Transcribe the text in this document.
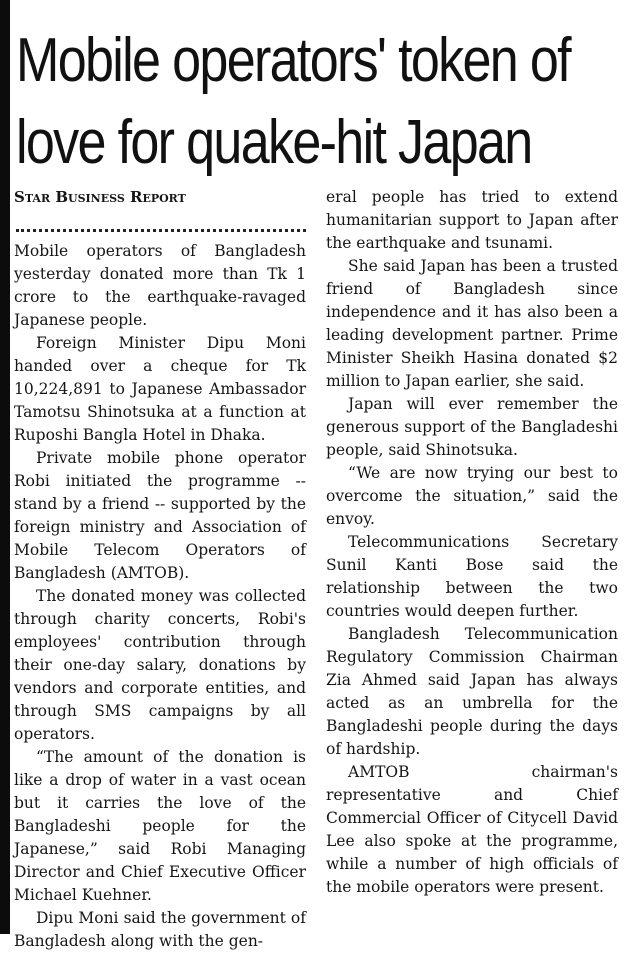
Mobile operators' token of
love for quake-hit Japan
Star Business Report

Mobile operators of Bangladesh yesterday donated more than Tk 1 crore to the earthquake-ravaged Japanese people.

Foreign Minister Dipu Moni handed over a cheque for Tk 10,224,891 to Japanese Ambassador Tamotsu Shinotsuka at a function at Ruposhi Bangla Hotel in Dhaka.

Private mobile phone operator Robi initiated the programme -- stand by a friend -- supported by the foreign ministry and Association of Mobile Telecom Operators of Bangladesh (AMTOB).

The donated money was collected through charity concerts, Robi's employees' contribution through their one-day salary, donations by vendors and corporate entities, and through SMS campaigns by all operators.

“The amount of the donation is like a drop of water in a vast ocean but it carries the love of the Bangladeshi people for the Japanese,” said Robi Managing Director and Chief Executive Officer Michael Kuehner.

Dipu Moni said the government of Bangladesh along with the gen-

eral people has tried to extend humanitarian support to Japan after the earthquake and tsunami.

She said Japan has been a trusted friend of Bangladesh since independence and it has also been a leading development partner. Prime Minister Sheikh Hasina donated $2 million to Japan earlier, she said.

Japan will ever remember the generous support of the Bangladeshi people, said Shinotsuka.

“We are now trying our best to overcome the situation,” said the envoy.

Telecommunications Secretary Sunil Kanti Bose said the relationship between the two countries would deepen further.

Bangladesh Telecommunication Regulatory Commission Chairman Zia Ahmed said Japan has always acted as an umbrella for the Bangladeshi people during the days of hardship.

AMTOB chairman's representative and Chief Commercial Officer of Citycell David Lee also spoke at the programme, while a number of high officials of the mobile operators were present.
